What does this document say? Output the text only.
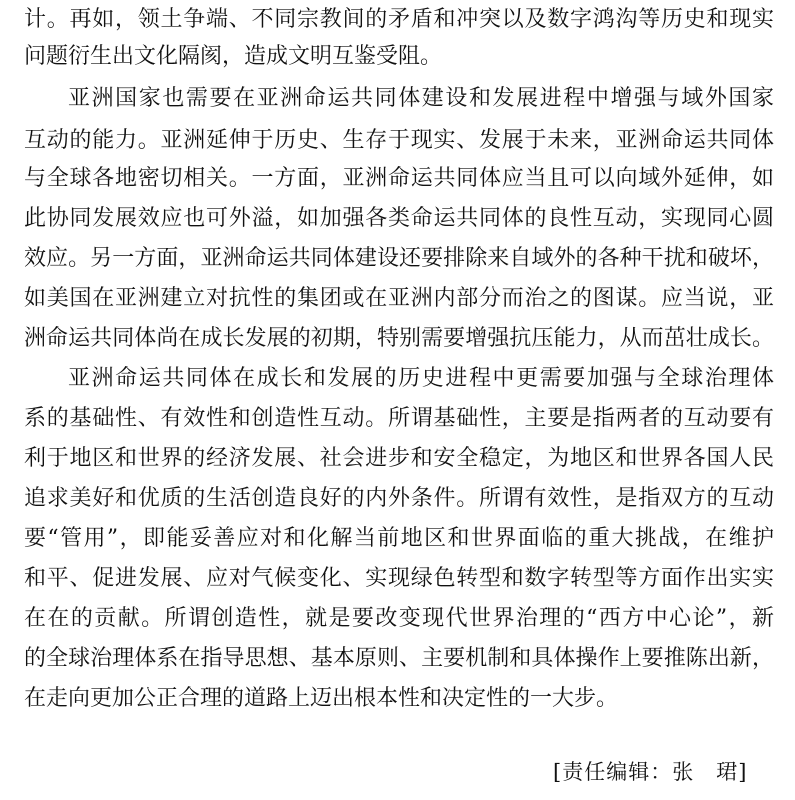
计。再如，领土争端、不同宗教间的矛盾和冲突以及数字鸿沟等历史和现实
问题衍生出文化隔阂，造成文明互鉴受阻。
亚洲国家也需要在亚洲命运共同体建设和发展进程中增强与域外国家
互动的能力。亚洲延伸于历史、生存于现实、发展于未来，亚洲命运共同体
与全球各地密切相关。一方面，亚洲命运共同体应当且可以向域外延伸，如
此协同发展效应也可外溢，如加强各类命运共同体的良性互动，实现同心圆
效应。另一方面，亚洲命运共同体建设还要排除来自域外的各种干扰和破坏，
如美国在亚洲建立对抗性的集团或在亚洲内部分而治之的图谋。应当说，亚
洲命运共同体尚在成长发展的初期，特别需要增强抗压能力，从而茁壮成长。
亚洲命运共同体在成长和发展的历史进程中更需要加强与全球治理体
系的基础性、有效性和创造性互动。所谓基础性，主要是指两者的互动要有
利于地区和世界的经济发展、社会进步和安全稳定，为地区和世界各国人民
追求美好和优质的生活创造良好的内外条件。所谓有效性，是指双方的互动
要“管用”，即能妥善应对和化解当前地区和世界面临的重大挑战，在维护
和平、促进发展、应对气候变化、实现绿色转型和数字转型等方面作出实实
在在的贡献。所谓创造性，就是要改变现代世界治理的“西方中心论”，新
的全球治理体系在指导思想、基本原则、主要机制和具体操作上要推陈出新，
在走向更加公正合理的道路上迈出根本性和决定性的一大步。
[责任编辑：张　珺]
